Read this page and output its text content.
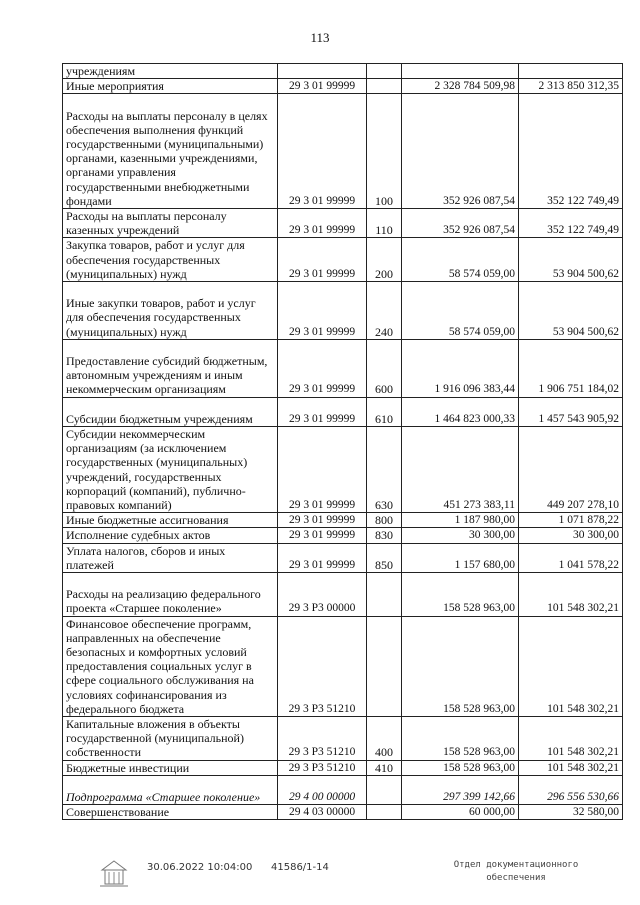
113
учреждениям				
Иные мероприятия	29 3 01 99999		2 328 784 509,98	2 313 850 312,35
Расходы на выплаты персоналу в целях обеспечения выполнения функций государственными (муниципальными) органами, казенными учреждениями, органами управления государственными внебюджетными фондами	29 3 01 99999	100	352 926 087,54	352 122 749,49
Расходы на выплаты персоналу казенных учреждений	29 3 01 99999	110	352 926 087,54	352 122 749,49
Закупка товаров, работ и услуг для обеспечения государственных (муниципальных) нужд	29 3 01 99999	200	58 574 059,00	53 904 500,62
Иные закупки товаров, работ и услуг для обеспечения государственных (муниципальных) нужд	29 3 01 99999	240	58 574 059,00	53 904 500,62
Предоставление субсидий бюджетным, автономным учреждениям и иным некоммерческим организациям	29 3 01 99999	600	1 916 096 383,44	1 906 751 184,02
Субсидии бюджетным учреждениям	29 3 01 99999	610	1 464 823 000,33	1 457 543 905,92
Субсидии некоммерческим организациям (за исключением государственных (муниципальных) учреждений, государственных корпораций (компаний), публично-правовых компаний)	29 3 01 99999	630	451 273 383,11	449 207 278,10
Иные бюджетные ассигнования	29 3 01 99999	800	1 187 980,00	1 071 878,22
Исполнение судебных актов	29 3 01 99999	830	30 300,00	30 300,00
Уплата налогов, сборов и иных платежей	29 3 01 99999	850	1 157 680,00	1 041 578,22
Расходы на реализацию федерального проекта «Старшее поколение»	29 3 Р3 00000		158 528 963,00	101 548 302,21
Финансовое обеспечение программ, направленных на обеспечение безопасных и комфортных условий предоставления социальных услуг в сфере социального обслуживания на условиях софинансирования из федерального бюджета	29 3 Р3 51210		158 528 963,00	101 548 302,21
Капитальные вложения в объекты государственной (муниципальной) собственности	29 3 Р3 51210	400	158 528 963,00	101 548 302,21
Бюджетные инвестиции	29 3 Р3 51210	410	158 528 963,00	101 548 302,21
Подпрограмма «Старшее поколение»	29 4 00 00000		297 399 142,66	296 556 530,66
Совершенствование	29 4 03 00000		60 000,00	32 580,00
30.06.2022 10:04:00 41586/1-14	Отдел документационного
обеспечения
